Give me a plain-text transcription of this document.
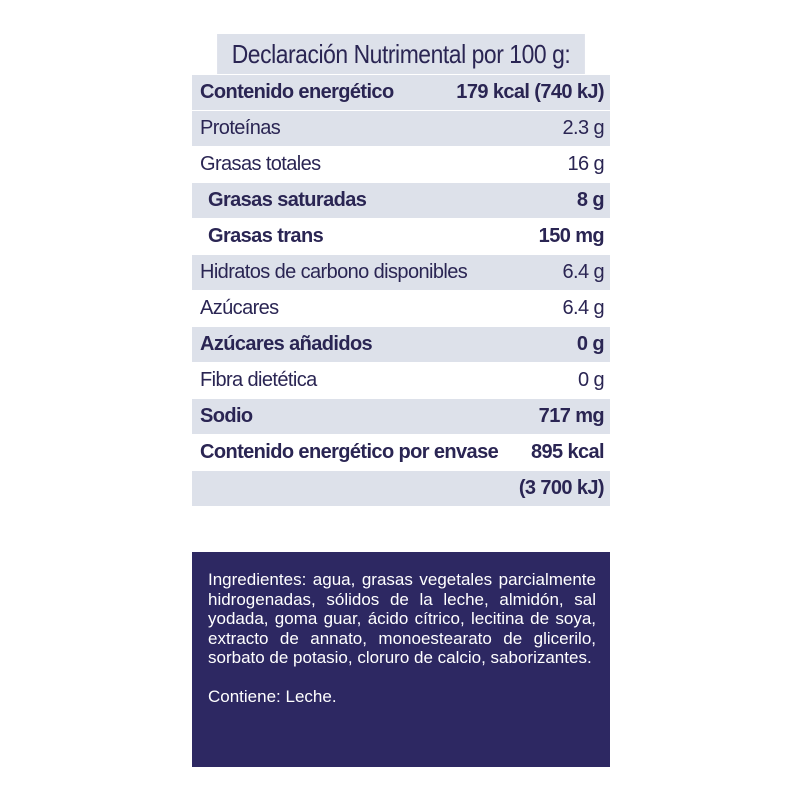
Declaración Nutrimental por 100 g:
Contenido energético	179 kcal (740 kJ)
Proteínas	2.3 g
Grasas totales	16 g
Grasas saturadas	8 g
Grasas trans	150 mg
Hidratos de carbono disponibles	6.4 g
Azúcares	6.4 g
Azúcares añadidos	0 g
Fibra dietética	0 g
Sodio	717 mg
Contenido energético por envase 895 kcal
(3 700 kJ)

Ingredientes: agua, grasas vegetales parcialmente hidrogenadas, sólidos de la leche, almidón, sal yodada, goma guar, ácido cítrico, lecitina de soya, extracto de annato, monoestearato de glicerilo, sorbato de potasio, cloruro de calcio, saborizantes.

Contiene: Leche.
